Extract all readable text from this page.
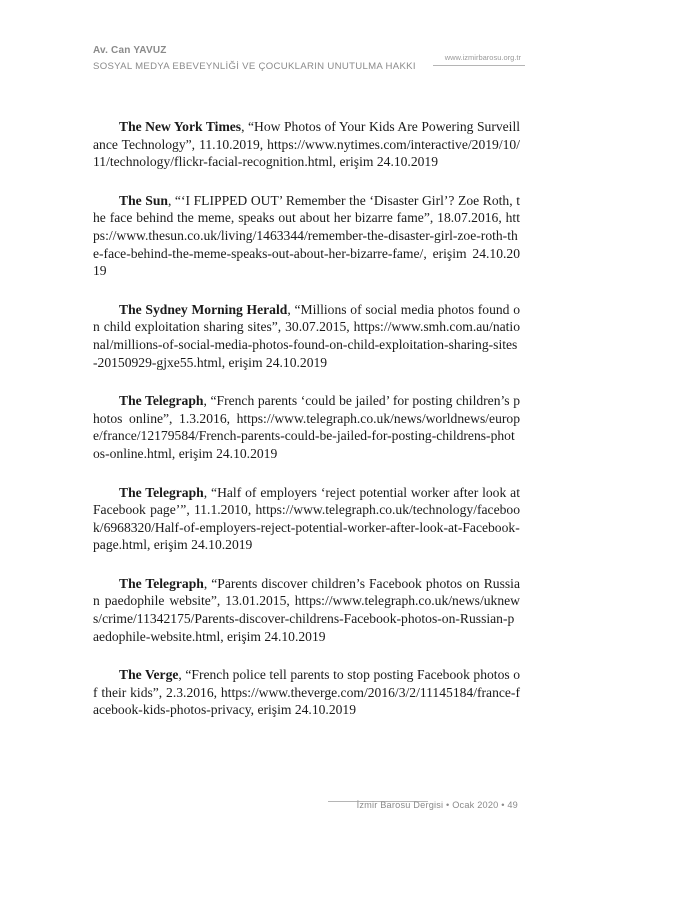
Av. Can YAVUZ
SOSYAL MEDYA EBEVEYNLİĞİ VE ÇOCUKLARIN UNUTULMA HAKKI
www.izmirbarosu.org.tr

The New York Times, “How Photos of Your Kids Are Powering Surveillance Technology”, 11.10.2019, https://www.nytimes.com/interactive/2019/10/11/technology/flickr-facial-recognition.html, erişim 24.10.2019

The Sun, “‘I FLIPPED OUT’ Remember the ‘Disaster Girl’? Zoe Roth, the face behind the meme, speaks out about her bizarre fame”, 18.07.2016, https://www.thesun.co.uk/living/1463344/remember-the-disaster-girl-zoe-roth-the-face-behind-the-meme-speaks-out-about-her-bizarre-fame/, erişim 24.10.2019

The Sydney Morning Herald, “Millions of social media photos found on child exploitation sharing sites”, 30.07.2015, https://www.smh.com.au/national/millions-of-social-media-photos-found-on-child-exploitation-sharing-sites-20150929-gjxe55.html, erişim 24.10.2019

The Telegraph, “French parents ‘could be jailed’ for posting children’s photos online”, 1.3.2016, https://www.telegraph.co.uk/news/worldnews/europe/france/12179584/French-parents-could-be-jailed-for-posting-childrens-photos-online.html, erişim 24.10.2019

The Telegraph, “Half of employers ‘reject potential worker after look at Facebook page’”, 11.1.2010, https://www.telegraph.co.uk/technology/facebook/6968320/Half-of-employers-reject-potential-worker-after-look-at-Facebook-page.html, erişim 24.10.2019

The Telegraph, “Parents discover children’s Facebook photos on Russian paedophile website”, 13.01.2015, https://www.telegraph.co.uk/news/uknews/crime/11342175/Parents-discover-childrens-Facebook-photos-on-Russian-paedophile-website.html, erişim 24.10.2019

The Verge, “French police tell parents to stop posting Facebook photos of their kids”, 2.3.2016, https://www.theverge.com/2016/3/2/11145184/france-facebook-kids-photos-privacy, erişim 24.10.2019

İzmir Barosu Dergisi • Ocak 2020 • 49
